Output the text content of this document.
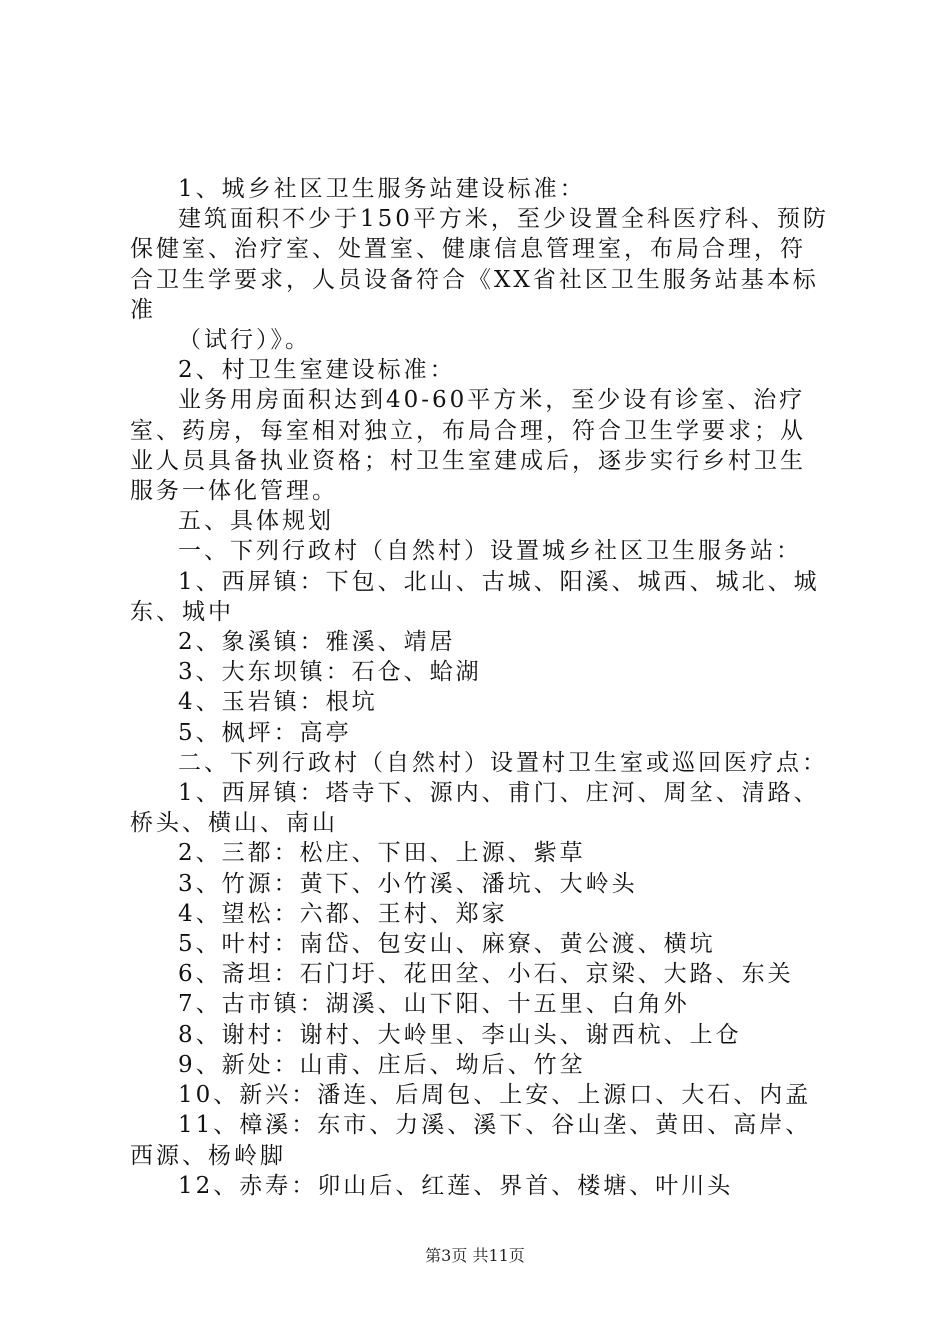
1、城乡社区卫生服务站建设标准：

建筑面积不少于150平方米，至少设置全科医疗科、预防保健室、治疗室、处置室、健康信息管理室，布局合理，符合卫生学要求，人员设备符合《XX省社区卫生服务站基本标准

（试行）》。

2、村卫生室建设标准：

业务用房面积达到40-60平方米，至少设有诊室、治疗室、药房，每室相对独立，布局合理，符合卫生学要求；从业人员具备执业资格；村卫生室建成后，逐步实行乡村卫生服务一体化管理。

五、具体规划

一、下列行政村（自然村）设置城乡社区卫生服务站：

1、西屏镇：下包、北山、古城、阳溪、城西、城北、城东、城中

2、象溪镇：雅溪、靖居

3、大东坝镇：石仓、蛤湖

4、玉岩镇：根坑

5、枫坪：高亭

二、下列行政村（自然村）设置村卫生室或巡回医疗点：

1、西屏镇：塔寺下、源内、甫门、庄河、周坌、清路、桥头、横山、南山

2、三都：松庄、下田、上源、紫草

3、竹源：黄下、小竹溪、潘坑、大岭头

4、望松：六都、王村、郑家

5、叶村：南岱、包安山、麻寮、黄公渡、横坑

6、斋坦：石门圩、花田坌、小石、京梁、大路、东关

7、古市镇：湖溪、山下阳、十五里、白角外

8、谢村：谢村、大岭里、李山头、谢西杭、上仓

9、新处：山甫、庄后、坳后、竹坌

10、新兴：潘连、后周包、上安、上源口、大石、内孟

11、樟溪：东市、力溪、溪下、谷山垄、黄田、高岸、西源、杨岭脚

12、赤寿：卯山后、红莲、界首、楼塘、叶川头

第3页 共11页
